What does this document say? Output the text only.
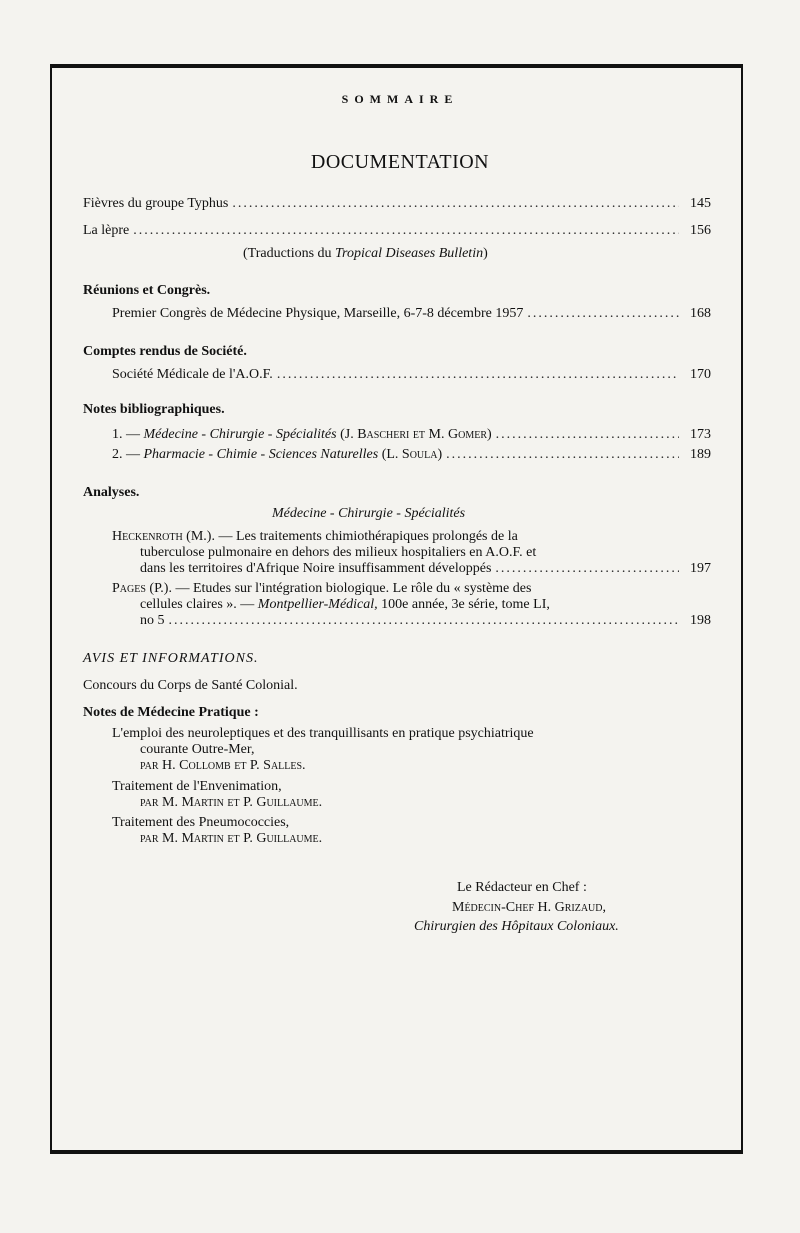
SOMMAIRE
DOCUMENTATION
Fièvres du groupe Typhus .....	145
La lèpre .....	156
(Traductions du Tropical Diseases Bulletin)
Réunions et Congrès.
Premier Congrès de Médecine Physique, Marseille, 6-7-8 décembre 1957 .....	168
Comptes rendus de Société.
Société Médicale de l'A.O.F. .....	170
Notes bibliographiques.
1. — Médecine - Chirurgie - Spécialités (J. Bascheri et M. Gomer) .....	173
2. — Pharmacie - Chimie - Sciences Naturelles (L. Soula) .....	189
Analyses.
Médecine - Chirurgie - Spécialités
Heckenroth (M.). — Les traitements chimiothérapiques prolongés de la
tuberculose pulmonaire en dehors des milieux hospitaliers en A.O.F. et
dans les territoires d'Afrique Noire insuffisamment développés .....	197
Pages (P.). — Etudes sur l'intégration biologique. Le rôle du « système des
cellules claires ». — Montpellier-Médical, 100e année, 3e série, tome LI,
no 5 .....	198
AVIS ET INFORMATIONS.
Concours du Corps de Santé Colonial.
Notes de Médecine Pratique :
L'emploi des neuroleptiques et des tranquillisants en pratique psychiatrique
courante Outre-Mer,
par H. Collomb et P. Salles.
Traitement de l'Envenimation,
par M. Martin et P. Guillaume.
Traitement des Pneumococcies,
par M. Martin et P. Guillaume.
Le Rédacteur en Chef :
Médecin-Chef H. Grizaud,
Chirurgien des Hôpitaux Coloniaux.
